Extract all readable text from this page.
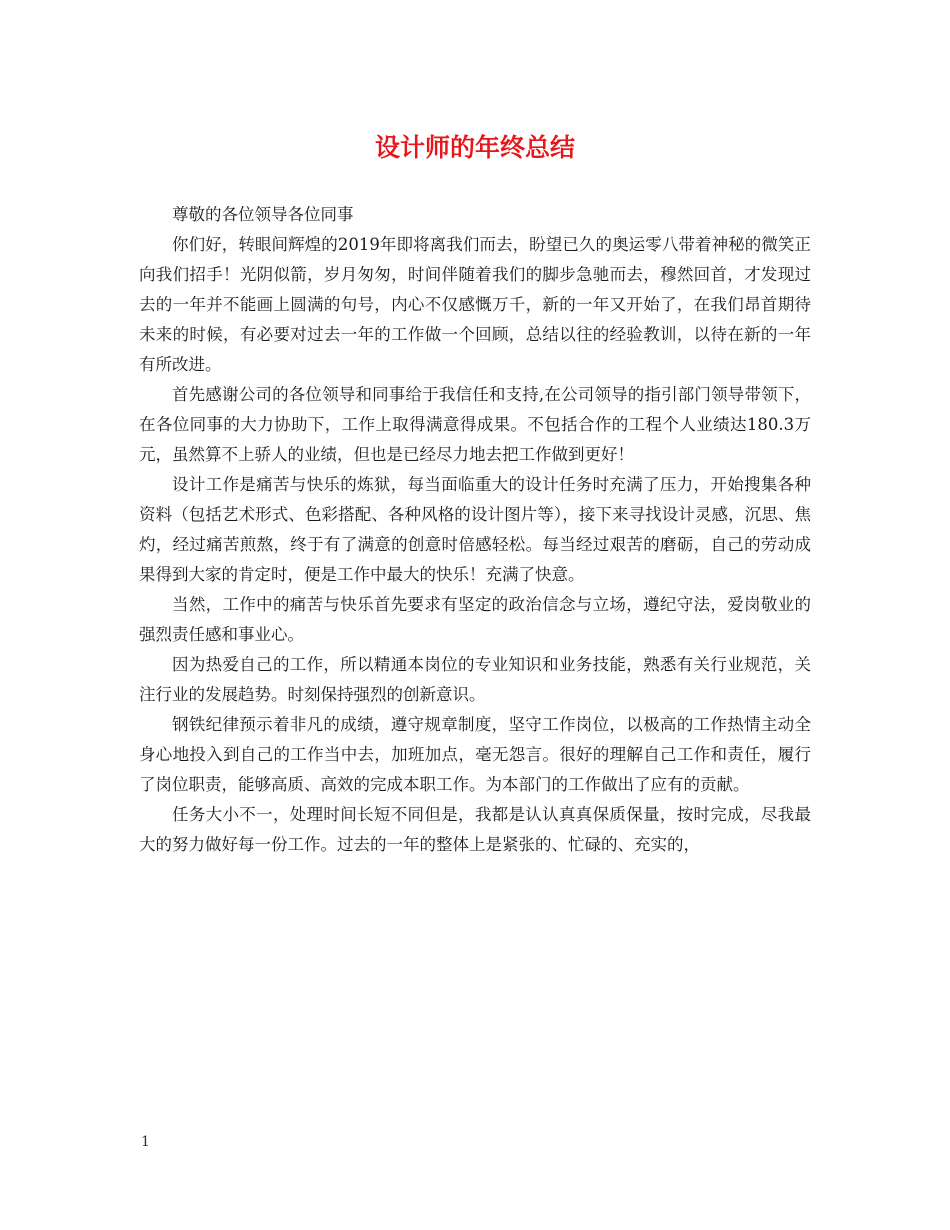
设计师的年终总结

尊敬的各位领导各位同事

你们好，转眼间辉煌的2019年即将离我们而去，盼望已久的奥运零八带着神秘的微笑正向我们招手！光阴似箭，岁月匆匆，时间伴随着我们的脚步急驰而去，穆然回首，才发现过去的一年并不能画上圆满的句号，内心不仅感慨万千，新的一年又开始了，在我们昂首期待未来的时候，有必要对过去一年的工作做一个回顾，总结以往的经验教训，以待在新的一年有所改进。

首先感谢公司的各位领导和同事给于我信任和支持,在公司领导的指引部门领导带领下，在各位同事的大力协助下，工作上取得满意得成果。不包括合作的工程个人业绩达180.3万元，虽然算不上骄人的业绩，但也是已经尽力地去把工作做到更好！

设计工作是痛苦与快乐的炼狱，每当面临重大的设计任务时充满了压力，开始搜集各种资料（包括艺术形式、色彩搭配、各种风格的设计图片等），接下来寻找设计灵感，沉思、焦灼，经过痛苦煎熬，终于有了满意的创意时倍感轻松。每当经过艰苦的磨砺，自己的劳动成果得到大家的肯定时，便是工作中最大的快乐！充满了快意。

当然，工作中的痛苦与快乐首先要求有坚定的政治信念与立场，遵纪守法，爱岗敬业的强烈责任感和事业心。

因为热爱自己的工作，所以精通本岗位的专业知识和业务技能，熟悉有关行业规范，关注行业的发展趋势。时刻保持强烈的创新意识。

钢铁纪律预示着非凡的成绩，遵守规章制度，坚守工作岗位，以极高的工作热情主动全身心地投入到自己的工作当中去，加班加点，毫无怨言。很好的理解自己工作和责任，履行了岗位职责，能够高质、高效的完成本职工作。为本部门的工作做出了应有的贡献。

任务大小不一，处理时间长短不同但是，我都是认认真真保质保量，按时完成，尽我最大的努力做好每一份工作。过去的一年的整体上是紧张的、忙碌的、充实的，

1
